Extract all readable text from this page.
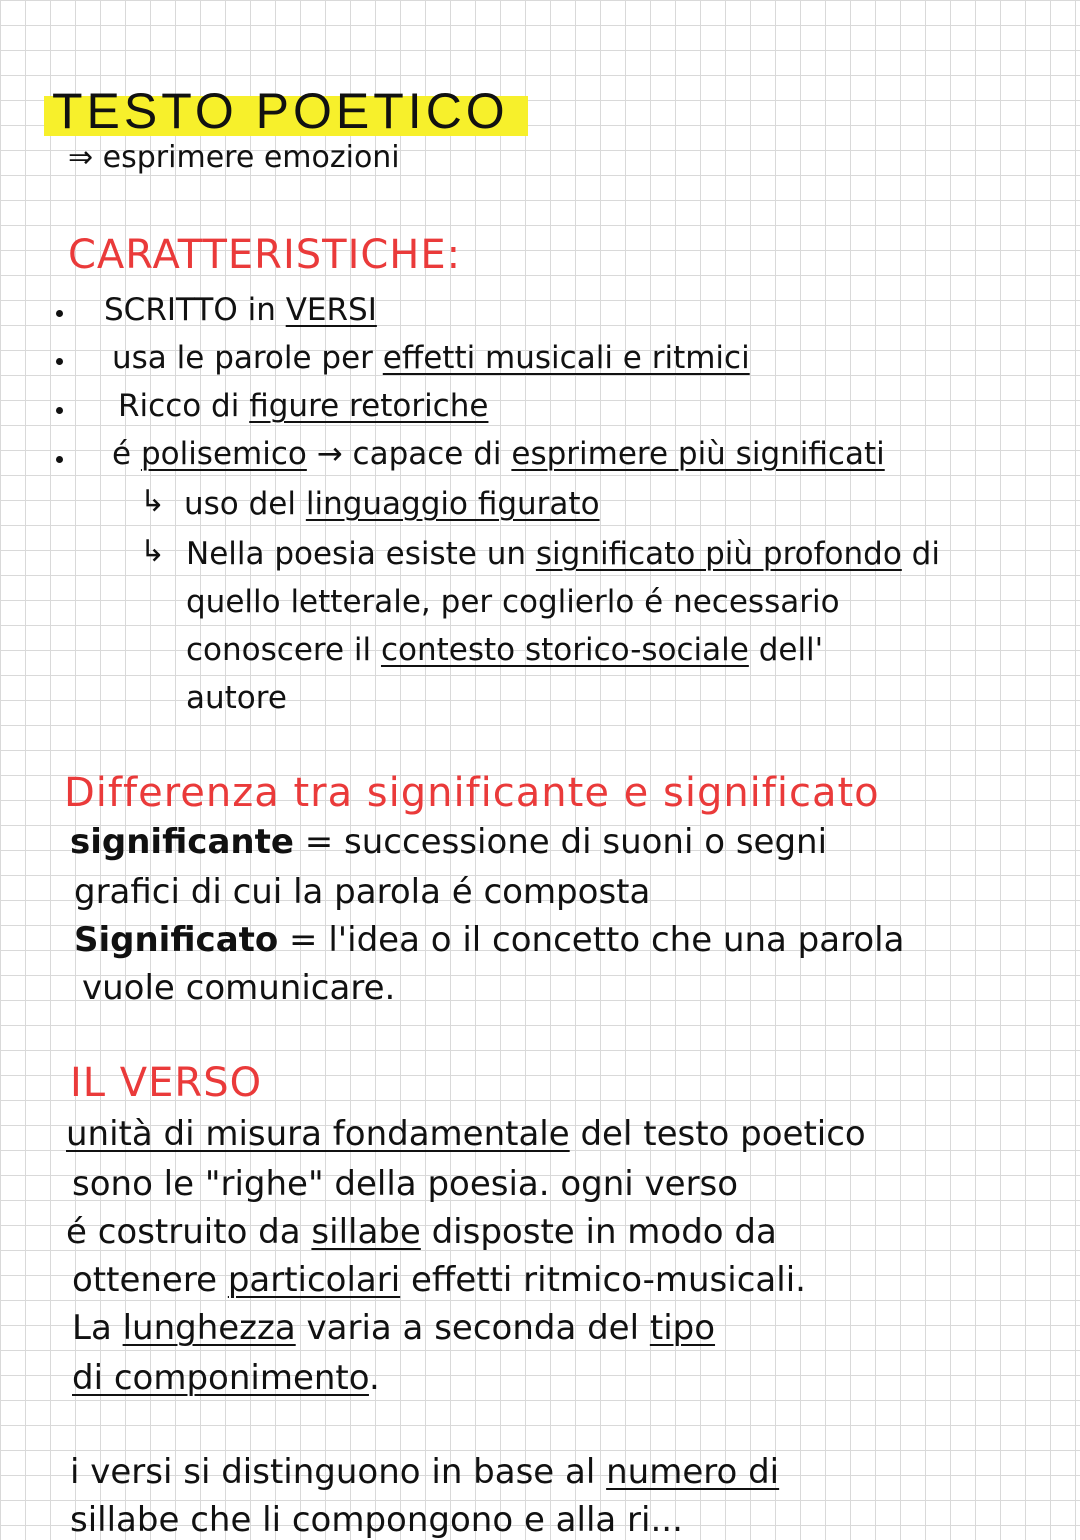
TESTO POETICO
⇒ esprimere emozioni
CARATTERISTICHE:
SCRITTO in VERSI
usa le parole per effetti musicali e ritmici
Ricco di figure retoriche
é polisemico → capace di esprimere più significati
↳ uso del linguaggio figurato
↳ Nella poesia esiste un significato più profondo di
quello letterale, per coglierlo é necessario
conoscere il contesto storico-sociale dell'
autore
Differenza tra significante e significato
significante = successione di suoni o segni
grafici di cui la parola é composta
Significato = l'idea o il concetto che una parola
vuole comunicare.
IL VERSO
unità di misura fondamentale del testo poetico
sono le "righe" della poesia. ogni verso
é costruito da sillabe disposte in modo da
ottenere particolari effetti ritmico-musicali.
La lunghezza varia a seconda del tipo
di componimento.
i versi si distinguono in base al numero di
sillabe che li compongono e alla ri...
